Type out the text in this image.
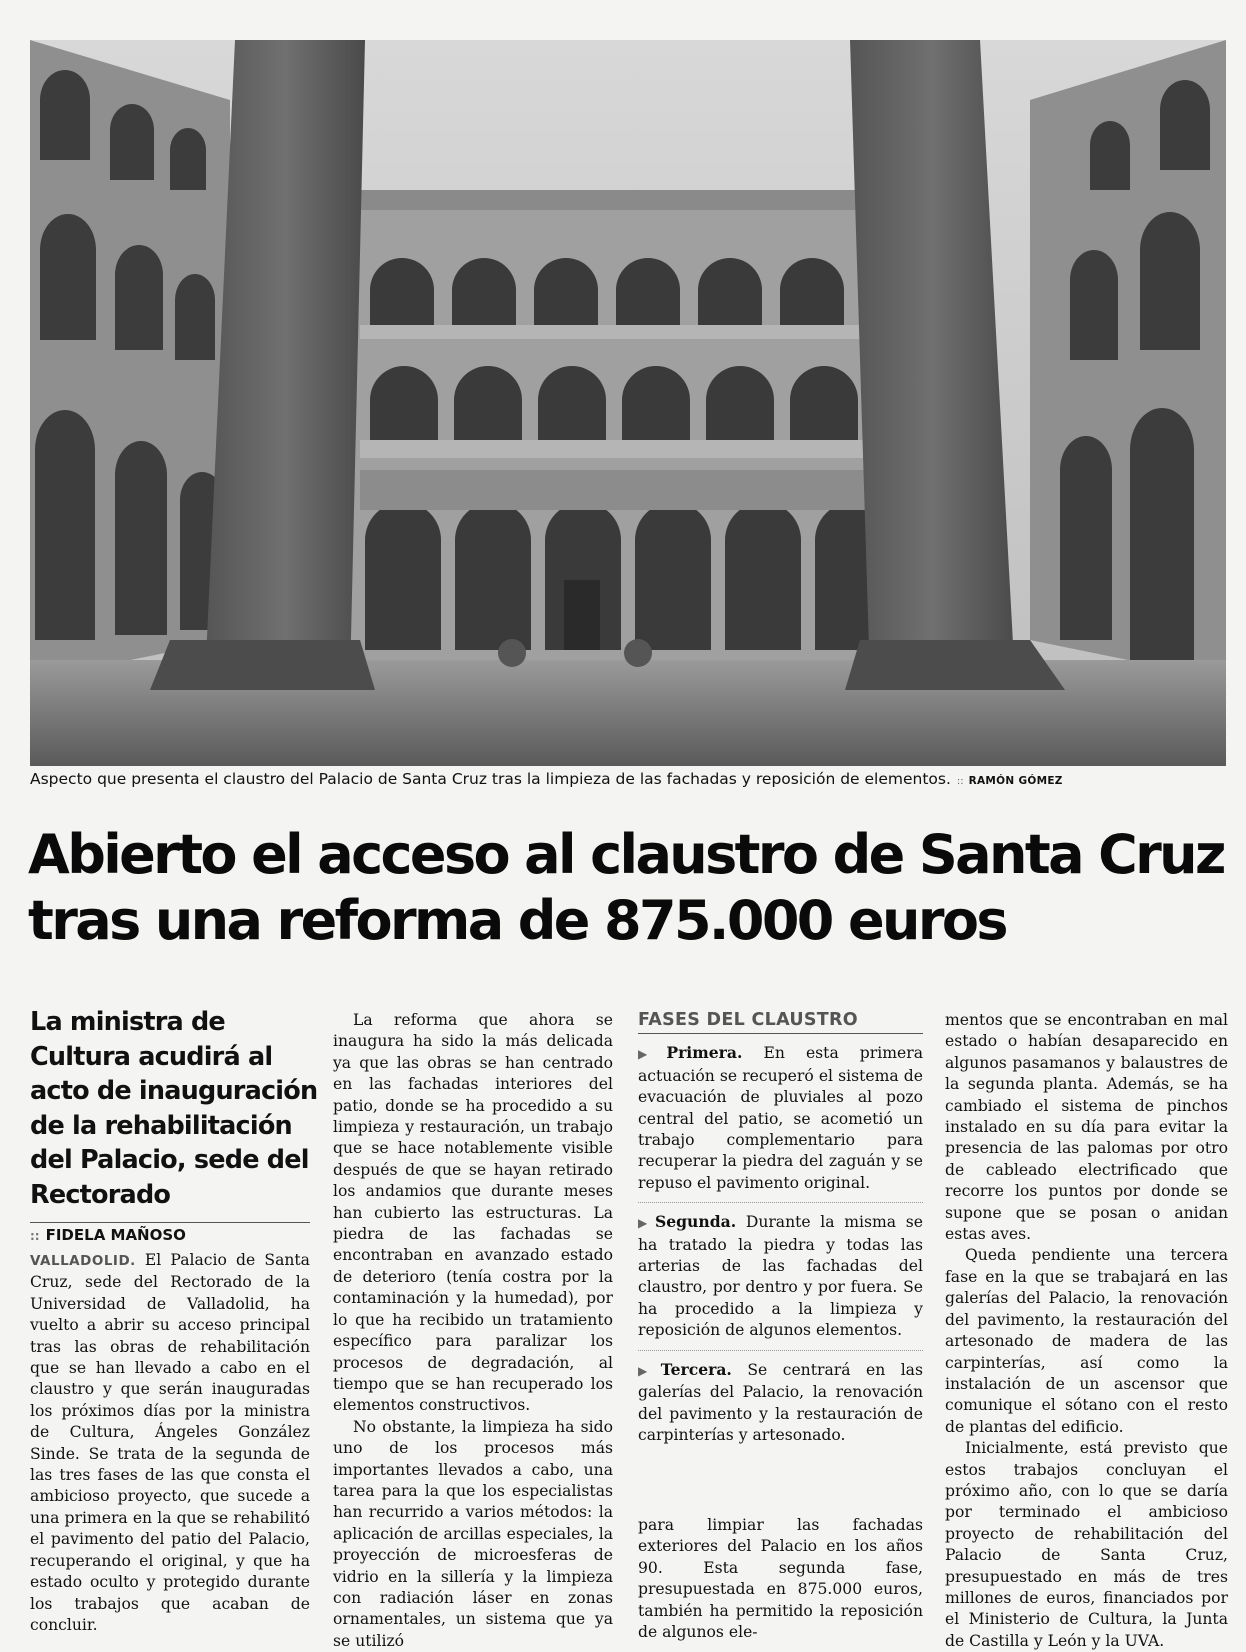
Aspecto que presenta el claustro del Palacio de Santa Cruz tras la limpieza de las fachadas y reposición de elementos. :: RAMÓN GÓMEZ
Abierto el acceso al claustro de Santa Cruz tras una reforma de 875.000 euros
La ministra de Cultura acudirá al acto de inauguración de la rehabilitación del Palacio, sede del Rectorado
:: FIDELA MAÑOSO

VALLADOLID. El Palacio de Santa Cruz, sede del Rectorado de la Universidad de Valladolid, ha vuelto a abrir su acceso principal tras las obras de rehabilitación que se han llevado a cabo en el claustro y que serán inauguradas los próximos días por la ministra de Cultura, Ángeles González Sinde. Se trata de la segunda de las tres fases de las que consta el ambicioso proyecto, que sucede a una primera en la que se rehabilitó el pavimento del patio del Palacio, recuperando el original, y que ha estado oculto y protegido durante los trabajos que acaban de concluir.

La reforma que ahora se inaugura ha sido la más delicada ya que las obras se han centrado en las fachadas interiores del patio, donde se ha procedido a su limpieza y restauración, un trabajo que se hace notablemente visible después de que se hayan retirado los andamios que durante meses han cubierto las estructuras. La piedra de las fachadas se encontraban en avanzado estado de deterioro (tenía costra por la contaminación y la humedad), por lo que ha recibido un tratamiento específico para paralizar los procesos de degradación, al tiempo que se han recuperado los elementos constructivos.

No obstante, la limpieza ha sido uno de los procesos más importantes llevados a cabo, una tarea para la que los especialistas han recurrido a varios métodos: la aplicación de arcillas especiales, la proyección de microesferas de vidrio en la sillería y la limpieza con radiación láser en zonas ornamentales, un sistema que ya se utilizó

FASES DEL CLAUSTRO
▶ Primera. En esta primera actuación se recuperó el sistema de evacuación de pluviales al pozo central del patio, se acometió un trabajo complementario para recuperar la piedra del zaguán y se repuso el pavimento original.
▶ Segunda. Durante la misma se ha tratado la piedra y todas las arterias de las fachadas del claustro, por dentro y por fuera. Se ha procedido a la limpieza y reposición de algunos elementos.
▶ Tercera. Se centrará en las galerías del Palacio, la renovación del pavimento y la restauración de carpinterías y artesonado.

para limpiar las fachadas exteriores del Palacio en los años 90. Esta segunda fase, presupuestada en 875.000 euros, también ha permitido la reposición de algunos ele-

mentos que se encontraban en mal estado o habían desaparecido en algunos pasamanos y balaustres de la segunda planta. Además, se ha cambiado el sistema de pinchos instalado en su día para evitar la presencia de las palomas por otro de cableado electrificado que recorre los puntos por donde se supone que se posan o anidan estas aves.

Queda pendiente una tercera fase en la que se trabajará en las galerías del Palacio, la renovación del pavimento, la restauración del artesonado de madera de las carpinterías, así como la instalación de un ascensor que comunique el sótano con el resto de plantas del edificio.

Inicialmente, está previsto que estos trabajos concluyan el próximo año, con lo que se daría por terminado el ambicioso proyecto de rehabilitación del Palacio de Santa Cruz, presupuestado en más de tres millones de euros, financiados por el Ministerio de Cultura, la Junta de Castilla y León y la UVA.
